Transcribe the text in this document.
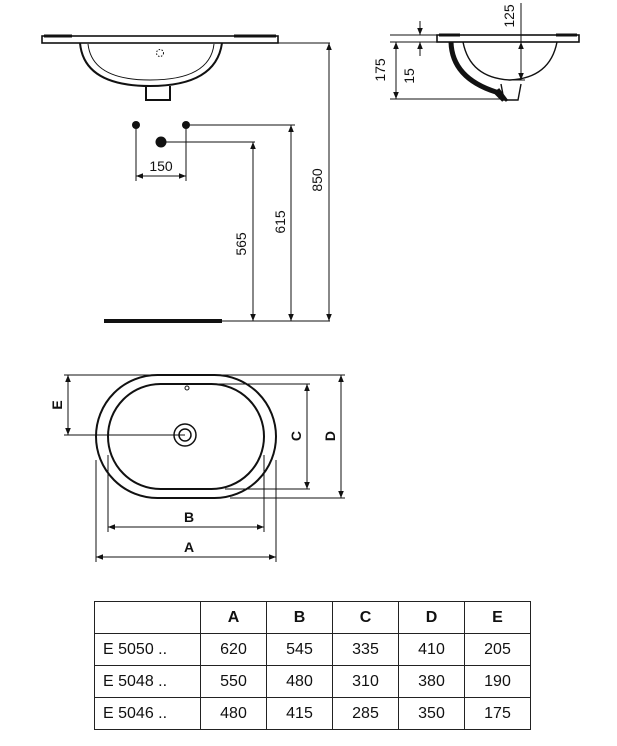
150
565
615
850
175 15
125
E
C D
B
A
	A	B	C	D	E
E 5050 ..	620	545	335	410	205
E 5048 ..	550	480	310	380	190
E 5046 ..	480	415	285	350	175
